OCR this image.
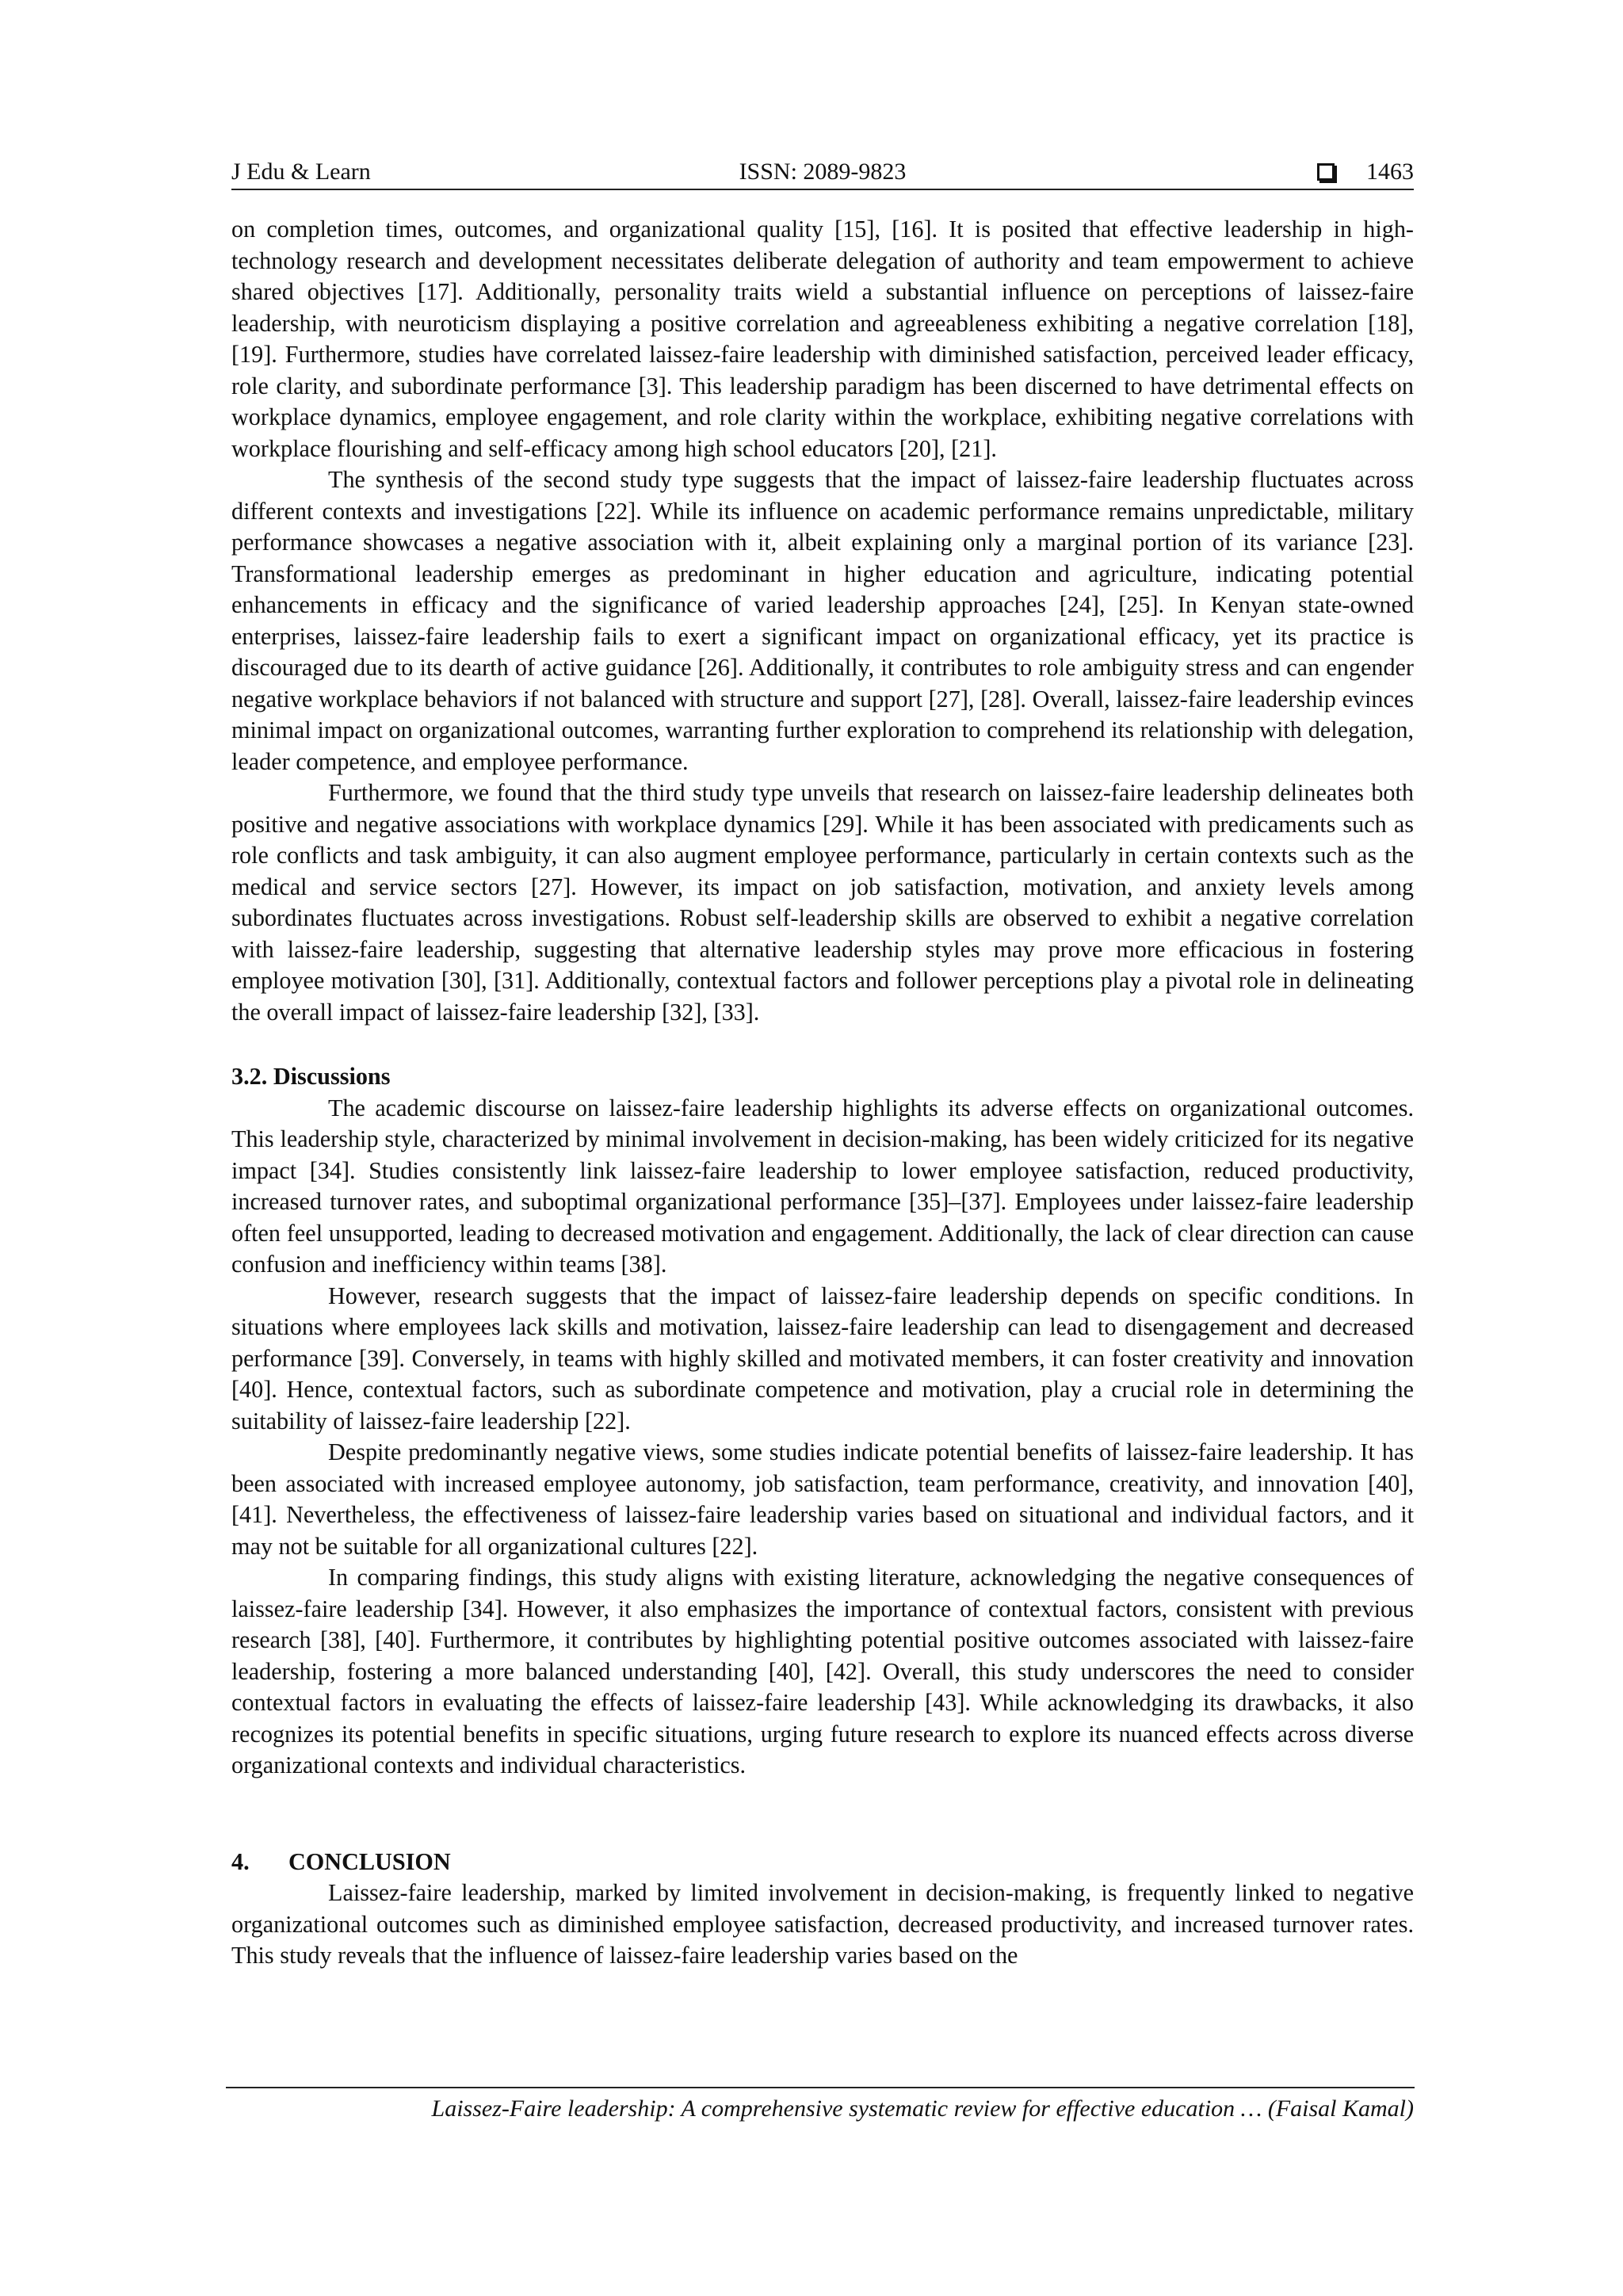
J Edu & Learn	ISSN: 2089-9823	1463

on completion times, outcomes, and organizational quality [15], [16]. It is posited that effective leadership in high-technology research and development necessitates deliberate delegation of authority and team empowerment to achieve shared objectives [17]. Additionally, personality traits wield a substantial influence on perceptions of laissez-faire leadership, with neuroticism displaying a positive correlation and agreeableness exhibiting a negative correlation [18], [19]. Furthermore, studies have correlated laissez-faire leadership with diminished satisfaction, perceived leader efficacy, role clarity, and subordinate performance [3]. This leadership paradigm has been discerned to have detrimental effects on workplace dynamics, employee engagement, and role clarity within the workplace, exhibiting negative correlations with workplace flourishing and self-efficacy among high school educators [20], [21].

The synthesis of the second study type suggests that the impact of laissez-faire leadership fluctuates across different contexts and investigations [22]. While its influence on academic performance remains unpredictable, military performance showcases a negative association with it, albeit explaining only a marginal portion of its variance [23]. Transformational leadership emerges as predominant in higher education and agriculture, indicating potential enhancements in efficacy and the significance of varied leadership approaches [24], [25]. In Kenyan state-owned enterprises, laissez-faire leadership fails to exert a significant impact on organizational efficacy, yet its practice is discouraged due to its dearth of active guidance [26]. Additionally, it contributes to role ambiguity stress and can engender negative workplace behaviors if not balanced with structure and support [27], [28]. Overall, laissez-faire leadership evinces minimal impact on organizational outcomes, warranting further exploration to comprehend its relationship with delegation, leader competence, and employee performance.

Furthermore, we found that the third study type unveils that research on laissez-faire leadership delineates both positive and negative associations with workplace dynamics [29]. While it has been associated with predicaments such as role conflicts and task ambiguity, it can also augment employee performance, particularly in certain contexts such as the medical and service sectors [27]. However, its impact on job satisfaction, motivation, and anxiety levels among subordinates fluctuates across investigations. Robust self-leadership skills are observed to exhibit a negative correlation with laissez-faire leadership, suggesting that alternative leadership styles may prove more efficacious in fostering employee motivation [30], [31]. Additionally, contextual factors and follower perceptions play a pivotal role in delineating the overall impact of laissez-faire leadership [32], [33].

3.2. Discussions

The academic discourse on laissez-faire leadership highlights its adverse effects on organizational outcomes. This leadership style, characterized by minimal involvement in decision-making, has been widely criticized for its negative impact [34]. Studies consistently link laissez-faire leadership to lower employee satisfaction, reduced productivity, increased turnover rates, and suboptimal organizational performance [35]–[37]. Employees under laissez-faire leadership often feel unsupported, leading to decreased motivation and engagement. Additionally, the lack of clear direction can cause confusion and inefficiency within teams [38].

However, research suggests that the impact of laissez-faire leadership depends on specific conditions. In situations where employees lack skills and motivation, laissez-faire leadership can lead to disengagement and decreased performance [39]. Conversely, in teams with highly skilled and motivated members, it can foster creativity and innovation [40]. Hence, contextual factors, such as subordinate competence and motivation, play a crucial role in determining the suitability of laissez-faire leadership [22].

Despite predominantly negative views, some studies indicate potential benefits of laissez-faire leadership. It has been associated with increased employee autonomy, job satisfaction, team performance, creativity, and innovation [40], [41]. Nevertheless, the effectiveness of laissez-faire leadership varies based on situational and individual factors, and it may not be suitable for all organizational cultures [22].

In comparing findings, this study aligns with existing literature, acknowledging the negative consequences of laissez-faire leadership [34]. However, it also emphasizes the importance of contextual factors, consistent with previous research [38], [40]. Furthermore, it contributes by highlighting potential positive outcomes associated with laissez-faire leadership, fostering a more balanced understanding [40], [42]. Overall, this study underscores the need to consider contextual factors in evaluating the effects of laissez-faire leadership [43]. While acknowledging its drawbacks, it also recognizes its potential benefits in specific situations, urging future research to explore its nuanced effects across diverse organizational contexts and individual characteristics.

4. CONCLUSION

Laissez-faire leadership, marked by limited involvement in decision-making, is frequently linked to negative organizational outcomes such as diminished employee satisfaction, decreased productivity, and increased turnover rates. This study reveals that the influence of laissez-faire leadership varies based on the

Laissez-Faire leadership: A comprehensive systematic review for effective education … (Faisal Kamal)
